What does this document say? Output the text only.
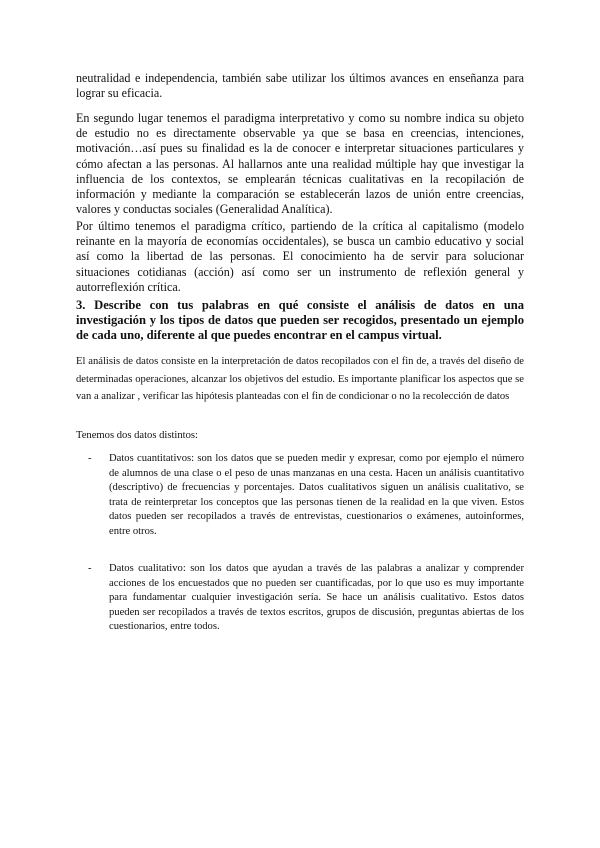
neutralidad e independencia, también sabe utilizar los últimos avances en enseñanza para lograr su eficacia.

En segundo lugar tenemos el paradigma interpretativo y como su nombre indica su objeto de estudio no es directamente observable ya que se basa en creencias, intenciones, motivación…así pues su finalidad es la de conocer e interpretar situaciones particulares y cómo afectan a las personas. Al hallarnos ante una realidad múltiple hay que investigar la influencia de los contextos, se emplearán técnicas cualitativas en la recopilación de información y mediante la comparación se establecerán lazos de unión entre creencias, valores y conductas sociales (Generalidad Analítica).

Por último tenemos el paradigma crítico, partiendo de la crítica al capitalismo (modelo reinante en la mayoría de economías occidentales), se busca un cambio educativo y social así como la libertad de las personas. El conocimiento ha de servir para solucionar situaciones cotidianas (acción) así como ser un instrumento de reflexión general y autorreflexión crítica.

3. Describe con tus palabras en qué consiste el análisis de datos en una investigación y los tipos de datos que pueden ser recogidos, presentado un ejemplo de cada uno, diferente al que puedes encontrar en el campus virtual.

El análisis de datos consiste en la interpretación de datos recopilados con el fin de, a través del diseño de determinadas operaciones, alcanzar los objetivos del estudio. Es importante planificar los aspectos que se van a analizar , verificar las hipótesis planteadas con el fin de condicionar o no la recolección de datos

Tenemos dos datos distintos:

-	Datos cuantitativos: son los datos que se pueden medir y expresar, como por ejemplo el número de alumnos de una clase o el peso de unas manzanas en una cesta. Hacen un análisis cuantitativo (descriptivo) de frecuencias y porcentajes. Datos cualitativos siguen un análisis cualitativo, se trata de reinterpretar los conceptos que las personas tienen de la realidad en la que viven. Estos datos pueden ser recopilados a través de entrevistas, cuestionarios o exámenes, autoinformes, entre otros.
-	Datos cualitativo: son los datos que ayudan a través de las palabras a analizar y comprender acciones de los encuestados que no pueden ser cuantificadas, por lo que uso es muy importante para fundamentar cualquier investigación sería. Se hace un análisis cualitativo. Estos datos pueden ser recopilados a través de textos escritos, grupos de discusión, preguntas abiertas de los cuestionarios, entre todos.
